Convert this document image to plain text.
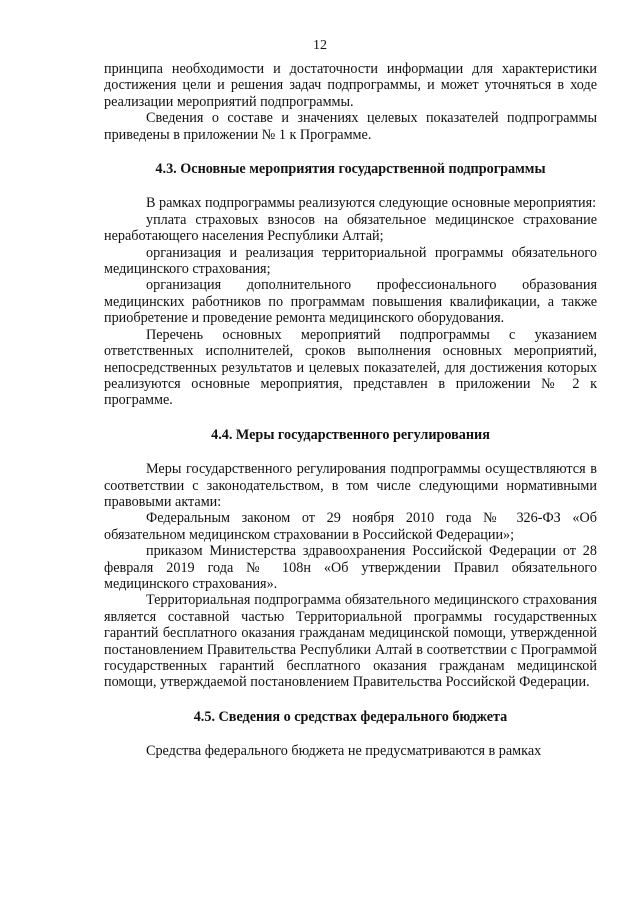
12

принципа необходимости и достаточности информации для характеристики достижения цели и решения задач подпрограммы, и может уточняться в ходе реализации мероприятий подпрограммы.

Сведения о составе и значениях целевых показателей подпрограммы приведены в приложении № 1 к Программе.

4.3. Основные мероприятия государственной подпрограммы

В рамках подпрограммы реализуются следующие основные мероприятия:

уплата страховых взносов на обязательное медицинское страхование неработающего населения Республики Алтай;

организация и реализация территориальной программы обязательного медицинского страхования;

организация дополнительного профессионального образования медицинских работников по программам повышения квалификации, а также приобретение и проведение ремонта медицинского оборудования.

Перечень основных мероприятий подпрограммы с указанием ответственных исполнителей, сроков выполнения основных мероприятий, непосредственных результатов и целевых показателей, для достижения которых реализуются основные мероприятия, представлен в приложении № 2 к программе.

4.4. Меры государственного регулирования

Меры государственного регулирования подпрограммы осуществляются в соответствии с законодательством, в том числе следующими нормативными правовыми актами:

Федеральным законом от 29 ноября 2010 года № 326-ФЗ «Об обязательном медицинском страховании в Российской Федерации»;

приказом Министерства здравоохранения Российской Федерации от 28 февраля 2019 года № 108н «Об утверждении Правил обязательного медицинского страхования».

Территориальная подпрограмма обязательного медицинского страхования является составной частью Территориальной программы государственных гарантий бесплатного оказания гражданам медицинской помощи, утвержденной постановлением Правительства Республики Алтай в соответствии с Программой государственных гарантий бесплатного оказания гражданам медицинской помощи, утверждаемой постановлением Правительства Российской Федерации.

4.5. Сведения о средствах федерального бюджета

Средства федерального бюджета не предусматриваются в рамках
